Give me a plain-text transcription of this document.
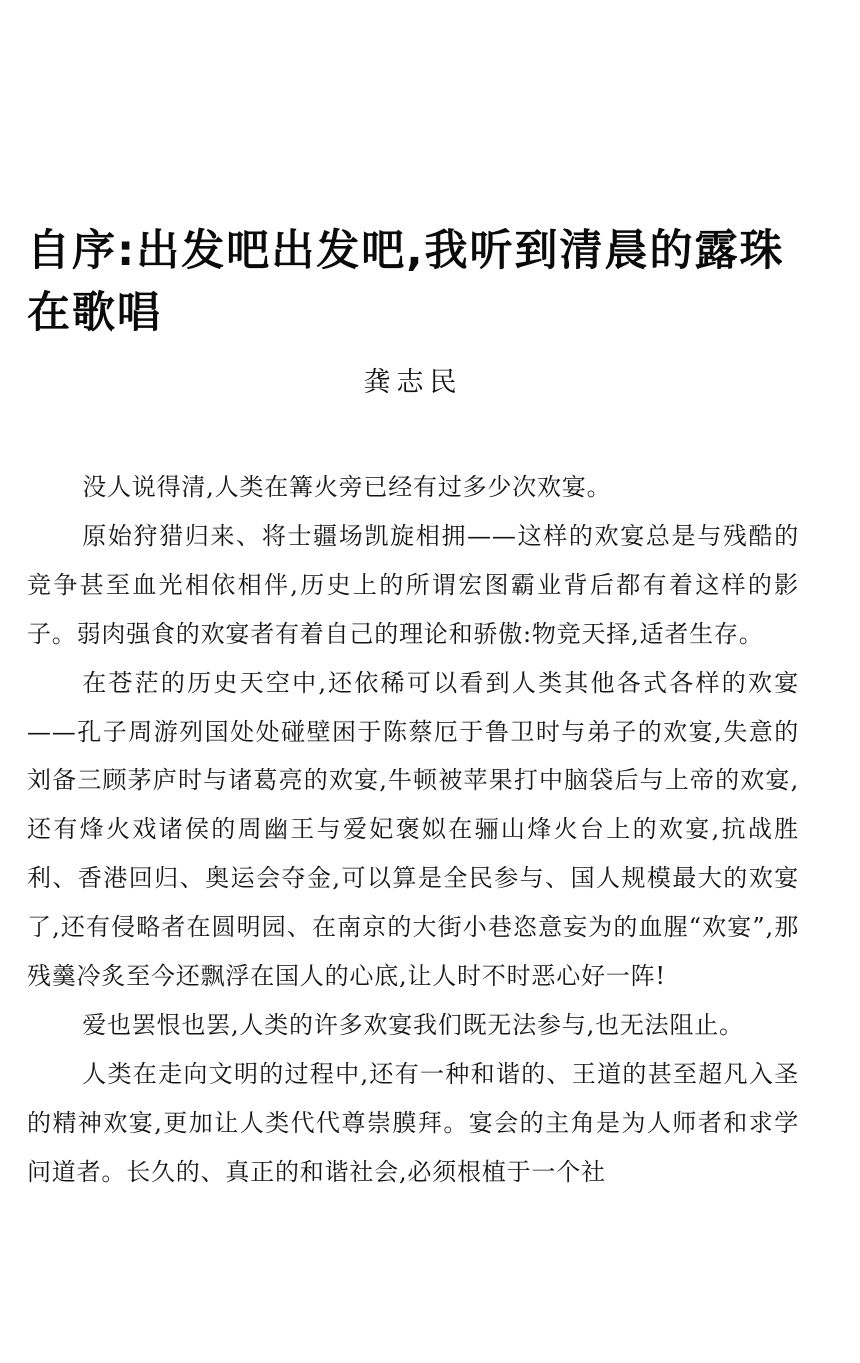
自序:出发吧出发吧,我听到清晨的露珠在歌唱
龚志民

没人说得清,人类在篝火旁已经有过多少次欢宴。

原始狩猎归来、将士疆场凯旋相拥——这样的欢宴总是与残酷的竞争甚至血光相依相伴,历史上的所谓宏图霸业背后都有着这样的影子。弱肉强食的欢宴者有着自己的理论和骄傲:物竞天择,适者生存。

在苍茫的历史天空中,还依稀可以看到人类其他各式各样的欢宴——孔子周游列国处处碰壁困于陈蔡厄于鲁卫时与弟子的欢宴,失意的刘备三顾茅庐时与诸葛亮的欢宴,牛顿被苹果打中脑袋后与上帝的欢宴,还有烽火戏诸侯的周幽王与爱妃褒姒在骊山烽火台上的欢宴,抗战胜利、香港回归、奥运会夺金,可以算是全民参与、国人规模最大的欢宴了,还有侵略者在圆明园、在南京的大街小巷恣意妄为的血腥“欢宴”,那残羹冷炙至今还飘浮在国人的心底,让人时不时恶心好一阵!

爱也罢恨也罢,人类的许多欢宴我们既无法参与,也无法阻止。

人类在走向文明的过程中,还有一种和谐的、王道的甚至超凡入圣的精神欢宴,更加让人类代代尊崇膜拜。宴会的主角是为人师者和求学问道者。长久的、真正的和谐社会,必须根植于一个社
